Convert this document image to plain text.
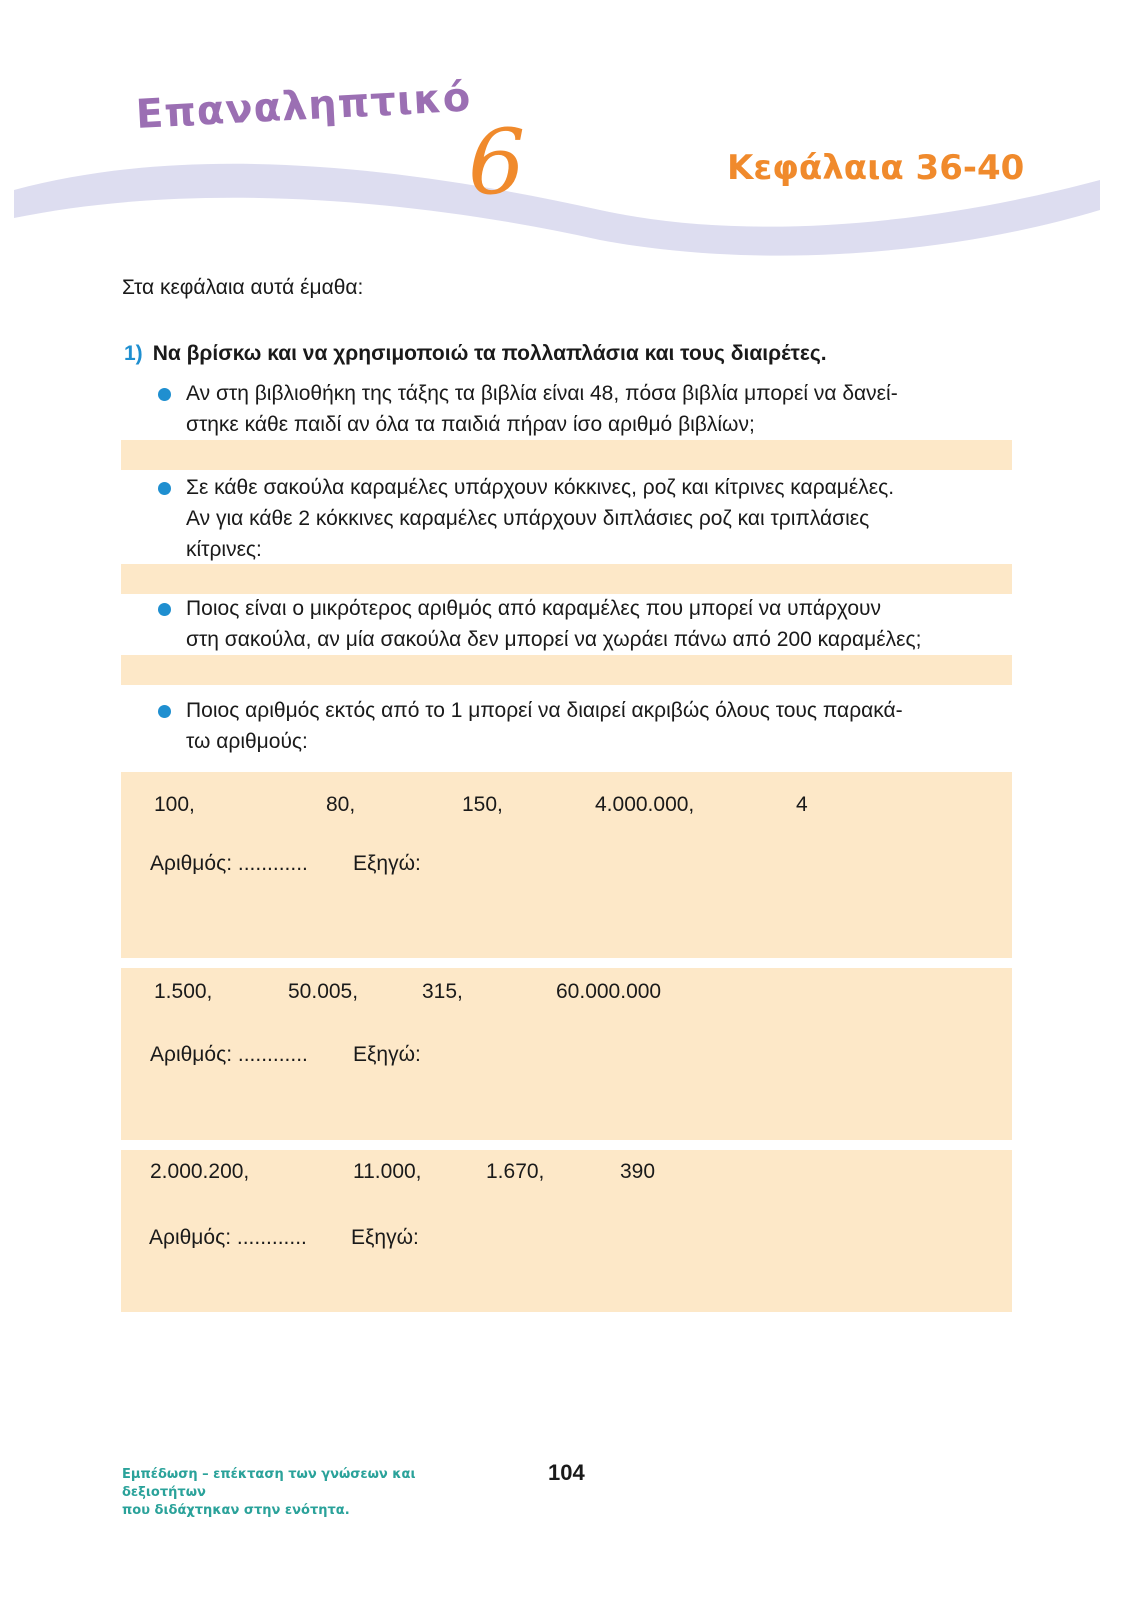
Επαναληπτικό
6	Κεφάλαια 36-40
Στα κεφάλαια αυτά έμαθα:
1) Να βρίσκω και να χρησιμοποιώ τα πολλαπλάσια και τους διαιρέτες.
Αν στη βιβλιοθήκη της τάξης τα βιβλία είναι 48, πόσα βιβλία μπορεί να δανεί-
στηκε κάθε παιδί αν όλα τα παιδιά πήραν ίσο αριθμό βιβλίων;
Σε κάθε σακούλα καραμέλες υπάρχουν κόκκινες, ροζ και κίτρινες καραμέλες.
Αν για κάθε 2 κόκκινες καραμέλες υπάρχουν διπλάσιες ροζ και τριπλάσιες
κίτρινες:
Ποιος είναι ο μικρότερος αριθμός από καραμέλες που μπορεί να υπάρχουν
στη σακούλα, αν μία σακούλα δεν μπορεί να χωράει πάνω από 200 καραμέλες;
Ποιος αριθμός εκτός από το 1 μπορεί να διαιρεί ακριβώς όλους τους παρακά-
τω αριθμούς:
100,	80,	150,	4.000.000,	4
Αριθμός: ............ Εξηγώ:
1.500,	50.005,	315,	60.000.000
Αριθμός: ............ Εξηγώ:
2.000.200,	11.000,	1.670,	390
Αριθμός: ............ Εξηγώ:
Εμπέδωση – επέκταση των γνώσεων και δεξιοτήτων
που διδάχτηκαν στην ενότητα.
104
